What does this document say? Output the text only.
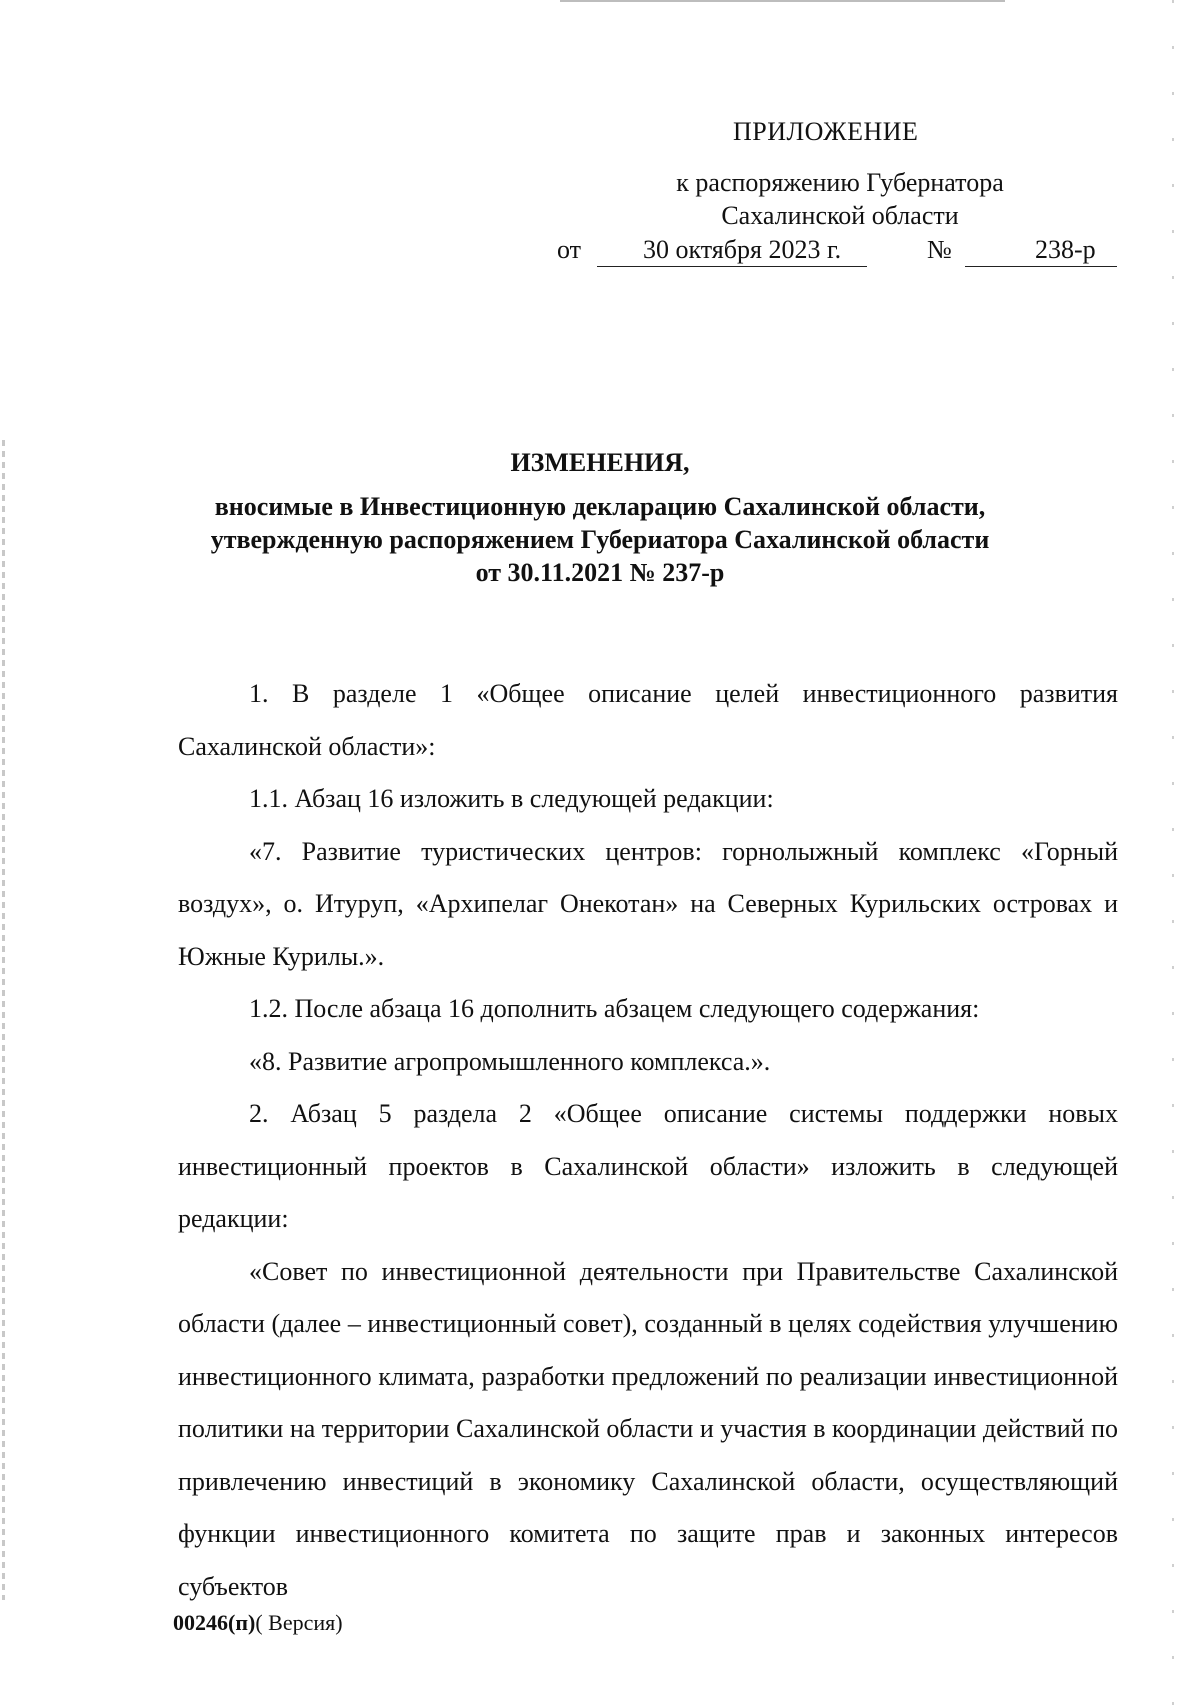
ПРИЛОЖЕНИЕ
к распоряжению Губернатора
Сахалинской области
от 30 октября 2023 г.	№	238-р
ИЗМЕНЕНИЯ,
вносимые в Инвестиционную декларацию Сахалинской области,
утвержденную распоряжением Губериатора Сахалинской области
от 30.11.2021 № 237-р

1. В разделе 1 «Общее описание целей инвестиционного развития Сахалинской области»:

1.1. Абзац 16 изложить в следующей редакции:

«7. Развитие туристических центров: горнолыжный комплекс «Горный воздух», о. Итуруп, «Архипелаг Онекотан» на Северных Курильских островах и Южные Курилы.».

1.2. После абзаца 16 дополнить абзацем следующего содержания:

«8. Развитие агропромышленного комплекса.».

2. Абзац 5 раздела 2 «Общее описание системы поддержки новых инвестиционный проектов в Сахалинской области» изложить в следующей редакции:

«Совет по инвестиционной деятельности при Правительстве Сахалинской области (далее – инвестиционный совет), созданный в целях содействия улучшению инвестиционного климата, разработки предложений по реализации инвестиционной политики на территории Сахалинской области и участия в координации действий по привлечению инвестиций в экономику Сахалинской области, осуществляющий функции инвестиционного комитета по защите прав и законных интересов субъектов

00246(п)( Версия)
